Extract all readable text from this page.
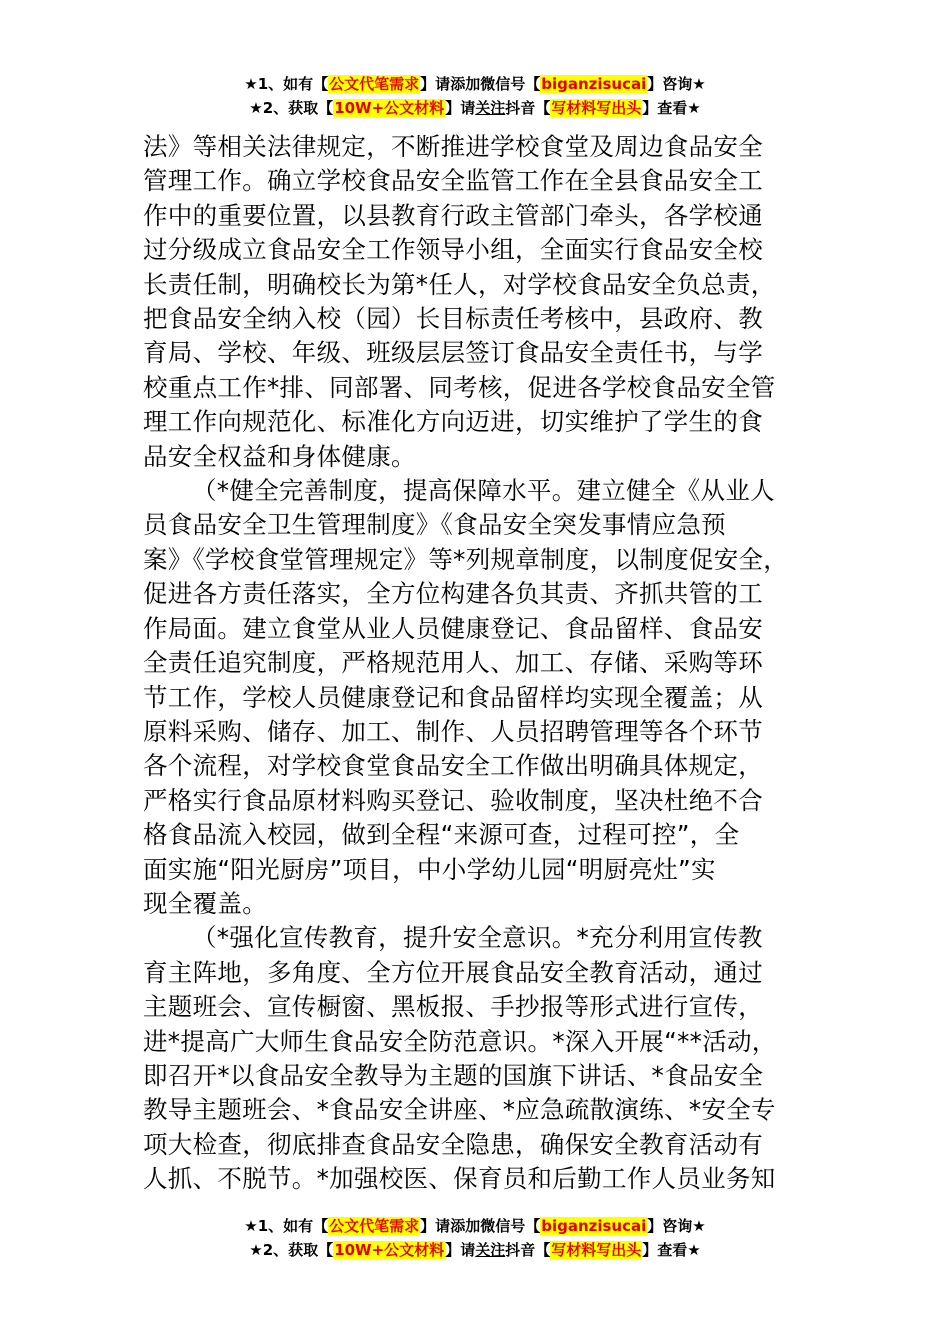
★1、如有【公文代笔需求】请添加微信号【biganzisucai】咨询★
★2、获取【10W+公文材料】请关注抖音【写材料写出头】查看★
法》等相关法律规定，不断推进学校食堂及周边食品安全
管理工作。确立学校食品安全监管工作在全县食品安全工
作中的重要位置，以县教育行政主管部门牵头，各学校通
过分级成立食品安全工作领导小组，全面实行食品安全校
长责任制，明确校长为第*任人，对学校食品安全负总责，
把食品安全纳入校（园）长目标责任考核中，县政府、教
育局、学校、年级、班级层层签订食品安全责任书，与学
校重点工作*排、同部署、同考核，促进各学校食品安全管
理工作向规范化、标准化方向迈进，切实维护了学生的食
品安全权益和身体健康。
（*健全完善制度，提高保障水平。建立健全《从业人
员食品安全卫生管理制度》《食品安全突发事情应急预
案》《学校食堂管理规定》等*列规章制度，以制度促安全，
促进各方责任落实，全方位构建各负其责、齐抓共管的工
作局面。建立食堂从业人员健康登记、食品留样、食品安
全责任追究制度，严格规范用人、加工、存储、采购等环
节工作，学校人员健康登记和食品留样均实现全覆盖；从
原料采购、储存、加工、制作、人员招聘管理等各个环节
各个流程，对学校食堂食品安全工作做出明确具体规定，
严格实行食品原材料购买登记、验收制度，坚决杜绝不合
格食品流入校园，做到全程“来源可查，过程可控”，全
面实施“阳光厨房”项目，中小学幼儿园“明厨亮灶”实
现全覆盖。
（*强化宣传教育，提升安全意识。*充分利用宣传教
育主阵地，多角度、全方位开展食品安全教育活动，通过
主题班会、宣传橱窗、黑板报、手抄报等形式进行宣传，
进*提高广大师生食品安全防范意识。*深入开展“**活动，
即召开*以食品安全教导为主题的国旗下讲话、*食品安全
教导主题班会、*食品安全讲座、*应急疏散演练、*安全专
项大检查，彻底排查食品安全隐患，确保安全教育活动有
人抓、不脱节。*加强校医、保育员和后勤工作人员业务知
★1、如有【公文代笔需求】请添加微信号【biganzisucai】咨询★
★2、获取【10W+公文材料】请关注抖音【写材料写出头】查看★
